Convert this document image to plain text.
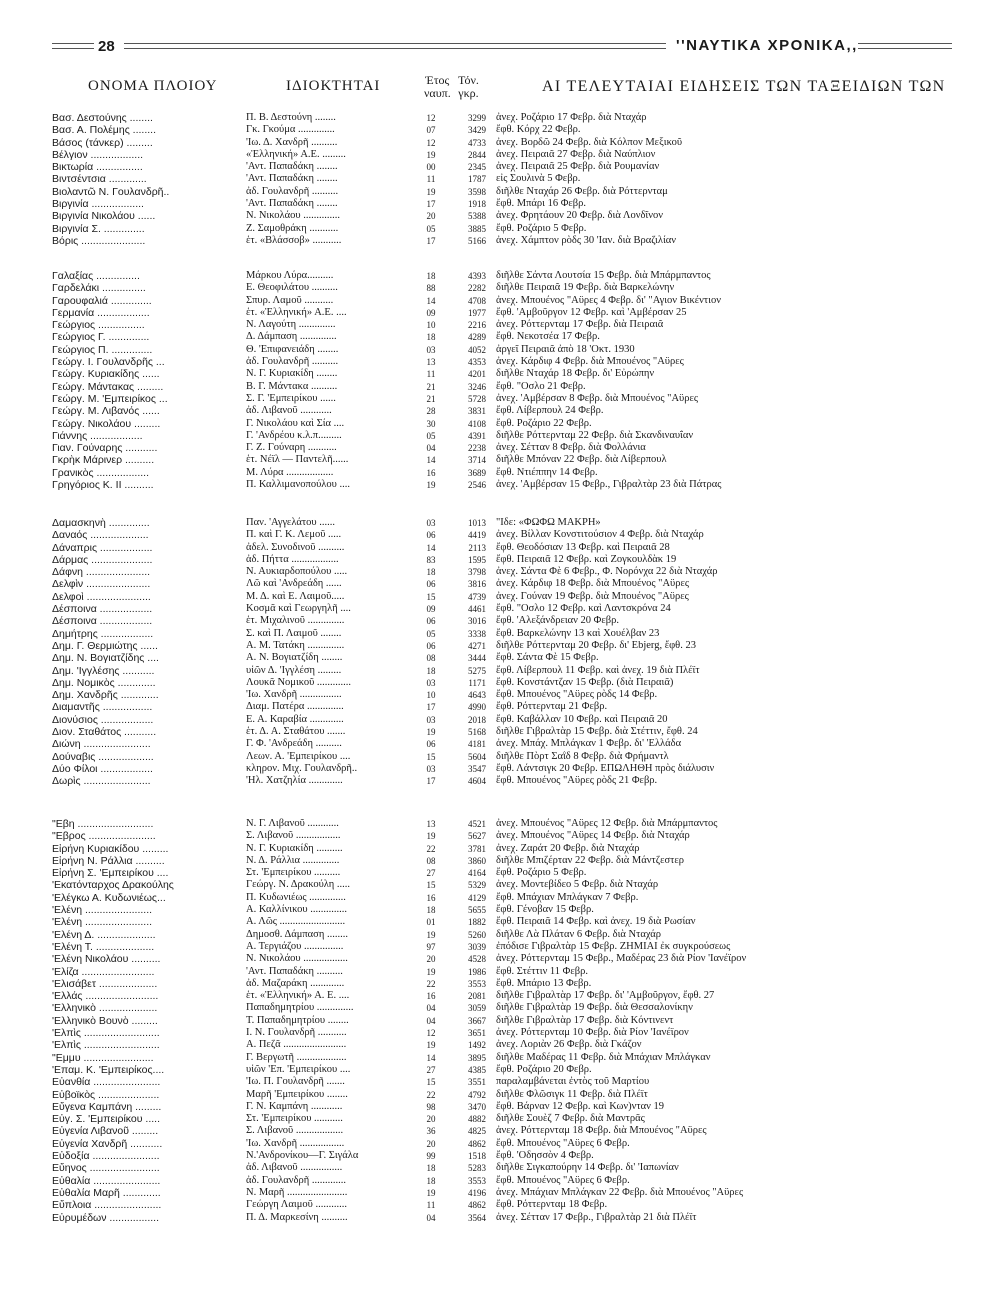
28	''ΝΑΥΤΙΚΑ ΧΡΟΝΙΚΑ,,
ΟΝΟΜΑ ΠΛΟΙΟΥ	ΙΔΙΟΚΤΗΤΑΙ	Έτος
ναυπ.
Τόν.
γκρ.	ΑΙ ΤΕΛΕΥΤΑΙΑΙ ΕΙΔΗΣΕΙΣ ΤΩΝ ΤΑΞΕΙΔΙΩΝ ΤΩΝ
Βασ. Δεστούνης ........	Π. Β. Δεστούνη ........	12	3299 ἀνεχ. Ροζάριο 17 Φεβρ. διὰ Νταχάρ
Βασ. Α. Πολέμης ........	Γκ. Γκούμα ..............	07	3429 ἔφθ. Κόρχ 22 Φεβρ.
Βάσος (τάνκερ) .........	'Ιω. Δ. Χανδρῆ ..........	12	4733 ἀνεχ. Βορδῶ 24 Φεβρ. διὰ Κόλπον Μεξικοῦ
Βέλγιον ..................	«Ἑλληνική» Α.Ε. .........	19	2844 ἀνεχ. Πειραιᾶ 27 Φεβρ. διὰ Ναύπλιον
Βικτωρία ................	'Αντ. Παπαδάκη ........	00	2345 ἀνεχ. Πειραιᾶ 25 Φεβρ. διὰ Ρουμανίαν
Βιντσέντσια .............	'Αντ. Παπαδάκη ........	11	1787 εἰς Σουλινὰ 5 Φεβρ.
Βιολαντῶ Ν. Γουλανδρῆ..	ἀδ. Γουλανδρῆ ..........	19	3598 διῆλθε Νταχάρ 26 Φεβρ. διὰ Ρόττερνταμ
Βιργινία ..................	'Αντ. Παπαδάκη ........	17	1918 ἔφθ. Μπάρι 16 Φεβρ.
Βιργινία Νικολάου ......	Ν. Νικολάου ..............	20	5388 ἀνεχ. Φρητάουν 20 Φεβρ. διὰ Λονδῖνον
Βιργινία Σ. ..............	Ζ. Σαμοθράκη ...........	05	3885 ἔφθ. Ροζάριο 5 Φεβρ.
Βόρις ......................	ἑτ. «Βλάσσοβ» ...........	17	5166 ἀνεχ. Χάμπτον ρὸδς 30 'Ιαν. διὰ Βραζιλίαν
Γαλαξίας ...............	Μάρκου Λύρα..........	18	4393 διῆλθε Σάντα Λουτσία 15 Φεβρ. διὰ Μπάρμπαντος
Γαρδελάκι ...............	Ε. Θεοφιλάτου ..........	88	2282 διῆλθε Πειραιᾶ 19 Φεβρ. διὰ Βαρκελώνην
Γαρουφαλιά ..............	Σπυρ. Λαμοῦ ...........	14	4708 ἀνεχ. Μπουένος "Αϋρες 4 Φεβρ. δι' "Αγιον Βικέντιον
Γερμανία ..................	ἑτ. «Ἑλληνική» Α.Ε. ....	09	1977 ἔφθ. 'Αμβοῦργον 12 Φεβρ. καὶ 'Αμβέρσαν 25
Γεώργιος ................	Ν. Λαγούτη ..............	10	2216 ἀνεχ. Ρόττερνταμ 17 Φεβρ. διὰ Πειραιᾶ
Γεώργιος Γ. ..............	Δ. Δάμπαση ..............	18	4289 ἔφθ. Νεκοτσέα 17 Φεβρ.
Γεώργιος Π. ..............	Θ. 'Επιφανειάδη ........	03	4052 ἀργεῖ Πειραιᾶ ἀπὸ 18 'Οκτ. 1930
Γεώργ. Ι. Γουλανδρῆς ...	ἀδ. Γουλανδρῆ ..........	13	4353 ἀνεχ. Κάρδιφ 4 Φεβρ. διὰ Μπουένος "Αϋρες
Γεώργ. Κυριακίδης ......	Ν. Γ. Κυριακίδη ........	11	4201 διῆλθε Νταχάρ 18 Φεβρ. δι' Εὐρώπην
Γεώργ. Μάντακας .........	Β. Γ. Μάντακα ..........	21	3246 ἔφθ. "Οσλο 21 Φεβρ.
Γεώργ. Μ. 'Εμπειρίκος ...	Σ. Γ. 'Εμπειρίκου ......	21	5728 ἀνεχ. 'Αμβέρσαν 8 Φεβρ. διὰ Μπουένος "Αϋρες
Γεώργ. Μ. Λιβανός ......	ἀδ. Λιβανοῦ ............	28	3831 ἔφθ. Λίβερπουλ 24 Φεβρ.
Γεώργ. Νικολάου .........	Γ. Νικολάου καὶ Σία ....	30	4108 ἔφθ. Ροζάριο 22 Φεβρ.
Γιάννης ..................	Γ. 'Ανδρέου κ.λ.π.........	05	4391 διῆλθε Ρόττερνταμ 22 Φεβρ. διὰ Σκανδιναυΐαν
Γιαν. Γούναρης ...........	Γ. Ζ. Γούναρη ...........	04	2238 ἀνεχ. Σέτταν 8 Φεβρ. διὰ Φολλάνια
Γκρὴκ Μάρινερ ..........	ἑτ. Νέϊλ — Παντελῆ......	14	3714 διῆλθε Μπόναν 22 Φεβρ. διὰ Λίβερπουλ
Γρανικὸς ..................	Μ. Λύρα ..................	16	3689 ἔφθ. Ντιέππην 14 Φεβρ.
Γρηγόριος Κ. ΙΙ ..........	Π. Καλλιμανοπούλου ....	19	2546 ἀνεχ. 'Αμβέρσαν 15 Φεβρ., Γιβραλτὰρ 23 διὰ Πάτρας
Δαμασκηνὴ ..............	Παν. 'Αγγελάτου ......	03	1013 "Ιδε: «ΦΩΦΩ ΜΑΚΡΗ»
Δαναός ....................	Π. καὶ Γ. Κ. Λεμοῦ .....	06	4419 ἀνεχ. Βίλλαν Κονστιτούσιον 4 Φεβρ. διὰ Νταχάρ
Δάναπρις ..................	ἀδελ. Συνοδινοῦ ..........	14	2113 ἔφθ. Θεοδόσιαν 13 Φεβρ. καὶ Πειραιᾶ 28
Δάρμας .....................	ἀδ. Πήττα ..................	83	1595 ἔφθ. Πειραιᾶ 12 Φεβρ. καὶ Ζογκουλδὰκ 19
Δάφνη ......................	Ν. Αυκιαρδοπούλου .....	18	3798 ἀνεχ. Σάντα Φὲ 6 Φεβρ., Φ. Νορόνχα 22 διὰ Νταχάρ
Δελφὶν ......................	Λῶ καὶ 'Ανδρεάδη ......	06	3816 ἀνεχ. Κάρδιφ 18 Φεβρ. διὰ Μπουένος "Αϋρες
Δελφοὶ ......................	Μ. Δ. καὶ Ε. Λαιμοῦ.....	15	4739 ἀνεχ. Γούναν 19 Φεβρ. διὰ Μπουένος "Αϋρες
Δέσποινα ..................	Κοσμᾶ καὶ Γεωργηλῆ ....	09	4461 ἔφθ. "Οσλο 12 Φεβρ. καὶ Λαντσκρόνα 24
Δέσποινα ..................	ἑτ. Μιχαλινοῦ ..............	06	3016 ἔφθ. 'Αλεξάνδρειαν 20 Φεβρ.
Δημήτρης ..................	Σ. καὶ Π. Λαιμοῦ ........	05	3338 ἔφθ. Βαρκελώνην 13 καὶ Χουέλβαν 23
Δημ. Γ. Θερμιώτης ......	Α. Μ. Τατάκη ..............	06	4271 διῆλθε Ρόττερνταμ 20 Φεβρ. δι' Εbjerg, ἔφθ. 23
Δημ. Ν. Βογιατζίδης ....	Α. Ν. Βογιατζίδη ........	08	3444 ἔφθ. Σάντα Φὲ 15 Φεβρ.
Δημ. 'Ιγγλέσης ...........	υἱῶν Δ. 'Ιγγλέση .........	18	5275 ἔφθ. Λίβερπουλ 11 Φεβρ. καὶ ἀνεχ. 19 διὰ Πλέϊτ
Δημ. Νομικὸς .............	Λουκᾶ Νομικοῦ .............	03	1171 ἔφθ. Κονστάντζαν 15 Φεβρ. (διὰ Πειραιᾶ)
Δημ. Χανδρῆς .............	'Ιω. Χανδρῆ ................	10	4643 ἔφθ. Μπουένος "Αϋρες ρὸδς 14 Φεβρ.
Διαμαντῆς .................	Διαμ. Πατέρα ..............	17	4990 ἔφθ. Ρόττερνταμ 21 Φεβρ.
Διονύσιος ..................	Ε. Α. Καραβία .............	03	2018 ἔφθ. Καβάλλαν 10 Φεβρ. καὶ Πειραιᾶ 20
Διον. Σταθάτος ...........	ἑτ. Δ. Α. Σταθάτου .......	19	5168 διῆλθε Γιβραλτὰρ 15 Φεβρ. διὰ Στέττιν, ἔφθ. 24
Διώνη .......................	Γ. Φ. 'Ανδρεάδη ..........	06	4181 ἀνεχ. Μπάχ. Μπλάγκαν 1 Φεβρ. δι' 'Ελλάδα
Δούναβις ...................	Λεων. Α. 'Εμπειρίκου ....	15	5604 διῆλθε Πὸρτ Σαῒδ 8 Φεβρ. διὰ Φρήμαντλ
Δύο Φίλοι ..................	κληρον. Μιχ. Γουλανδρῆ..	03	3547 ἔφθ. Λάντσιγκ 20 Φεβρ. ΕΠΩΛΗΘΗ πρὸς διάλυσιν
Δωρὶς .......................	'Ηλ. Χατζηλία .............	17	4604 ἔφθ. Μπουένος "Αϋρες ρὸδς 21 Φεβρ.
"Εβη ..........................	Ν. Γ. Λιβανοῦ ............	13	4521 ἀνεχ. Μπουένος "Αϋρες 12 Φεβρ. διὰ Μπάρμπαντος
"Εβρος .......................	Σ. Λιβανοῦ .................	19	5627 ἀνεχ. Μπουένος "Αϋρες 14 Φεβρ. διὰ Νταχάρ
Εἰρήνη Κυριακίδου .........	Ν. Γ. Κυριακίδη ..........	22	3781 ἀνεχ. Ζαράτ 20 Φεβρ. διὰ Νταχάρ
Εἰρήνη Ν. Ράλλια ..........	Ν. Δ. Ράλλια ..............	08	3860 διῆλθε Μπιζέρταν 22 Φεβρ. διὰ Μάντζεστερ
Εἰρήνη Σ. 'Εμπειρίκου ....	Στ. 'Εμπειρίκου ..........	27	4164 ἔφθ. Ροζάριο 5 Φεβρ.
'Εκατόνταρχος Δρακούλης	Γεώργ. Ν. Δρακούλη .....	15	5329 ἀνεχ. Μοντεβίδεο 5 Φεβρ. διὰ Νταχάρ
'Ελέγκω Α. Κυδωνιέως...	Π. Κυδωνιέως ..............	16	4129 ἔφθ. Μπάχιαν Μπλάγκαν 7 Φεβρ.
'Ελένη .......................	Α. Καλλίνικου ..............	18	5655 ἔφθ. Γένοβαν 15 Φεβρ.
'Ελένη .......................	Α. Λῶς .........................	01	1882 ἔφθ. Πειραιᾶ 14 Φεβρ. καὶ ἀνεχ. 19 διὰ Ρωσίαν
'Ελένη Δ. ....................	Δημοσθ. Δάμπαση ........	19	5260 διῆλθε Λὰ Πλάταν 6 Φεβρ. διὰ Νταχάρ
'Ελένη Τ. ....................	Α. Τεργιάζου ...............	97	3039 ἐπόδισε Γιβραλτὰρ 15 Φεβρ. ΖΗΜΙΑΙ ἐκ συγκρούσεως
'Ελένη Νικολάου ..........	Ν. Νικολάου .................	20	4528 ἀνεχ. Ρόττερνταμ 15 Φεβρ., Μαδέρας 23 διὰ Ρίον 'Ιανέϊρον
'Ελίζα .........................	'Αντ. Παπαδάκη ..........	19	1986 ἔφθ. Στέττιν 11 Φεβρ.
'Ελισάβετ ....................	ἀδ. Μαζαράκη .............	22	3553 ἔφθ. Μπάριο 13 Φεβρ.
'Ελλάς .........................	ἑτ. «Ἑλληνική» Α. Ε. ....	16	2081 διῆλθε Γιβραλτὰρ 17 Φεβρ. δι' 'Αμβοῦργον, ἔφθ. 27
'Ελληνικὸ ....................	Παπαδημητρίου ..............	04	3059 διῆλθε Γιβραλτὰρ 19 Φεβρ. διὰ Θεσσαλονίκην
'Ελληνικὸ Βουνὸ .........	Τ. Παπαδημητρίου ........	04	3667 διῆλθε Γιβραλτὰρ 17 Φεβρ. διὰ Κόντινεντ
'Ελπὶς ..........................	Ι. Ν. Γουλανδρῆ ...........	12	3651 ἀνεχ. Ρόττερνταμ 10 Φεβρ. διὰ Ρίον 'Ιανέϊρον
'Ελπὶς ..........................	Α. Πεζᾶ ........................	19	1492 ἀνεχ. Λοριὰν 26 Φεβρ. διὰ Γκάζον
"Εμμυ ........................	Γ. Βεργωτῆ ...................	14	3895 διῆλθε Μαδέρας 11 Φεβρ. διὰ Μπάχιαν Μπλάγκαν
'Επαμ. Κ. 'Εμπειρίκος....	υἱῶν 'Επ. 'Εμπειρίκου ....	27	4385 ἔφθ. Ροζάριο 20 Φεβρ.
Εὐανθία .......................	'Ιω. Π. Γουλανδρῆ .......	15	3551 παραλαμβάνεται ἐντὸς τοῦ Μαρτίου
Εὐβοϊκὸς .....................	Μαρῆ 'Εμπειρίκου ........	22	4792 διῆλθε Φλῶσιγκ 11 Φεβρ. διὰ Πλέϊτ
Εὔγενα Καμπάνη .........	Γ. Ν. Καμπάνη ............	98	3470 ἔφθ. Βάρναν 12 Φεβρ. καὶ Κων)νταν 19
Εὐγ. Σ. 'Εμπειρίκου .....	Στ. 'Εμπειρίκου ...........	20	4882 διῆλθε Σουὲζ 7 Φεβρ. διὰ Μαντρᾶς
Εὐγενία Λιβανοῦ .........	Σ. Λιβανοῦ ..................	36	4825 ἀνεχ. Ρόττερνταμ 18 Φεβρ. διὰ Μπουένος "Αϋρες
Εὐγενία Χανδρῆ ...........	'Ιω. Χανδρῆ .................	20	4862 ἔφθ. Μπουένος "Αϋρες 6 Φεβρ.
Εὐδοξία .......................	Ν.'Ανδρονίκου—Γ. Σιγάλα	99	1518 ἔφθ. 'Οδησσὸν 4 Φεβρ.
Εὔηνος ........................	ἀδ. Λιβανοῦ ................	18	5283 διῆλθε Σιγκαπούρην 14 Φεβρ. δι' 'Ιαπωνίαν
Εὐθαλία .......................	ἀδ. Γουλανδρῆ .............	18	3553 ἔφθ. Μπουένος "Αϋρες 6 Φεβρ.
Εὐθαλία Μαρῆ .............	Ν. Μαρῆ .......................	19	4196 ἀνεχ. Μπάχιαν Μπλάγκαν 22 Φεβρ. διὰ Μπουένος "Αϋρες
Εὔπλοια .......................	Γεώργη Λαιμοῦ ............	11	4862 ἔφθ. Ρόττερνταμ 18 Φεβρ.
Εὐρυμέδων .................	Π. Δ. Μαρκεσίνη ..........	04	3564 ἀνεχ. Σέτταν 17 Φεβρ., Γιβραλτὰρ 21 διὰ Πλέϊτ
